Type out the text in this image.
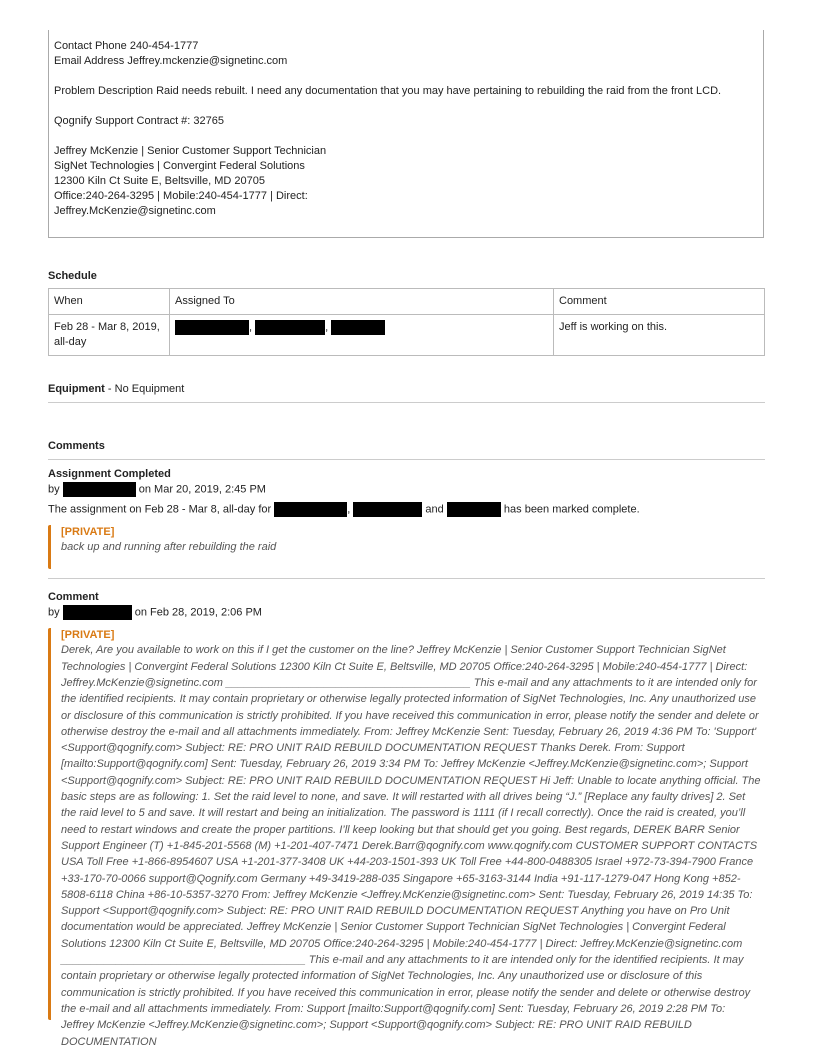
Contact Phone 240-454-1777

Email Address Jeffrey.mckenzie@signetinc.com

Problem Description Raid needs rebuilt. I need any documentation that you may have pertaining to rebuilding the raid from the front LCD.

Qognify Support Contract #: 32765

Jeffrey McKenzie | Senior Customer Support Technician

SigNet Technologies | Convergint Federal Solutions

12300 Kiln Ct Suite E, Beltsville, MD 20705

Office:240-264-3295 | Mobile:240-454-1777 | Direct:

Jeffrey.McKenzie@signetinc.com

Schedule
When	Assigned To	Comment
Feb 28 - Mar 8, 2019, all-day	, ,	Jeff is working on this.
Equipment - No Equipment
Comments
Assignment Completed
by	on Mar 20, 2019, 2:45 PM
The assignment on Feb 28 - Mar 8, all-day for	,	and	has been marked complete.
[PRIVATE]
back up and running after rebuilding the raid
Comment
by	on Feb 28, 2019, 2:06 PM
[PRIVATE]
Derek, Are you available to work on this if I get the customer on the line? Jeffrey McKenzie | Senior Customer Support Technician SigNet Technologies | Convergint Federal Solutions 12300 Kiln Ct Suite E, Beltsville, MD 20705 Office:240-264-3295 | Mobile:240-454-1777 | Direct: Jeffrey.McKenzie@signetinc.com ________________________________________ This e-mail and any attachments to it are intended only for the identified recipients. It may contain proprietary or otherwise legally protected information of SigNet Technologies, Inc. Any unauthorized use or disclosure of this communication is strictly prohibited. If you have received this communication in error, please notify the sender and delete or otherwise destroy the e-mail and all attachments immediately. From: Jeffrey McKenzie Sent: Tuesday, February 26, 2019 4:36 PM To: 'Support' <Support@qognify.com> Subject: RE: PRO UNIT RAID REBUILD DOCUMENTATION REQUEST Thanks Derek. From: Support [mailto:Support@qognify.com] Sent: Tuesday, February 26, 2019 3:34 PM To: Jeffrey McKenzie <Jeffrey.McKenzie@signetinc.com>; Support <Support@qognify.com> Subject: RE: PRO UNIT RAID REBUILD DOCUMENTATION REQUEST Hi Jeff: Unable to locate anything official. The basic steps are as following: 1. Set the raid level to none, and save. It will restarted with all drives being “J.” [Replace any faulty drives] 2. Set the raid level to 5 and save. It will restart and being an initialization. The password is 1111 (if I recall correctly). Once the raid is created, you’ll need to restart windows and create the proper partitions. I’ll keep looking but that should get you going. Best regards, DEREK BARR Senior Support Engineer (T) +1-845-201-5568 (M) +1-201-407-7471 Derek.Barr@qognify.com www.qognify.com CUSTOMER SUPPORT CONTACTS USA Toll Free +1-866-8954607 USA +1-201-377-3408 UK +44-203-1501-393 UK Toll Free +44-800-0488305 Israel +972-73-394-7900 France +33-170-70-0066 support@Qognify.com Germany +49-3419-288-035 Singapore +65-3163-3144 India +91-117-1279-047 Hong Kong +852-5808-6118 China +86-10-5357-3270 From: Jeffrey McKenzie <Jeffrey.McKenzie@signetinc.com> Sent: Tuesday, February 26, 2019 14:35 To: Support <Support@qognify.com> Subject: RE: PRO UNIT RAID REBUILD DOCUMENTATION REQUEST Anything you have on Pro Unit documentation would be appreciated. Jeffrey McKenzie | Senior Customer Support Technician SigNet Technologies | Convergint Federal Solutions 12300 Kiln Ct Suite E, Beltsville, MD 20705 Office:240-264-3295 | Mobile:240-454-1777 | Direct: Jeffrey.McKenzie@signetinc.com ________________________________________ This e-mail and any attachments to it are intended only for the identified recipients. It may contain proprietary or otherwise legally protected information of SigNet Technologies, Inc. Any unauthorized use or disclosure of this communication is strictly prohibited. If you have received this communication in error, please notify the sender and delete or otherwise destroy the e-mail and all attachments immediately. From: Support [mailto:Support@qognify.com] Sent: Tuesday, February 26, 2019 2:28 PM To: Jeffrey McKenzie <Jeffrey.McKenzie@signetinc.com>; Support <Support@qognify.com> Subject: RE: PRO UNIT RAID REBUILD DOCUMENTATION
